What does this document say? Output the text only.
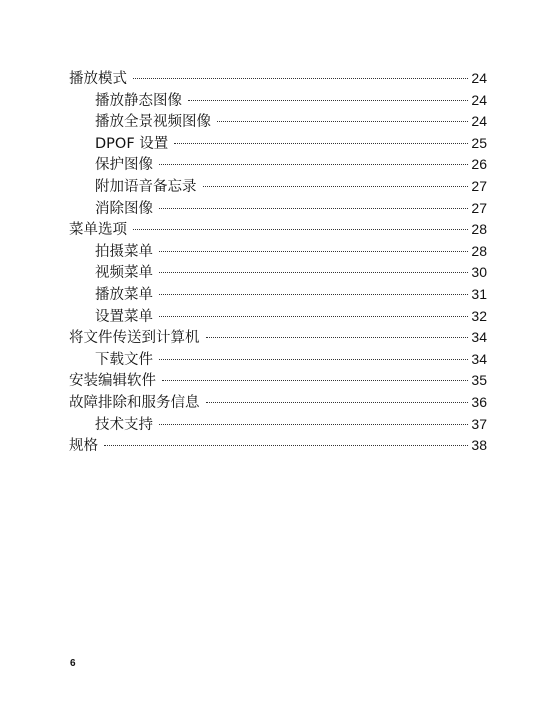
播放模式	24
播放静态图像	24
播放全景视频图像	24
DPOF 设置	25
保护图像	26
附加语音备忘录	27
消除图像	27
菜单选项	28
拍摄菜单	28
视频菜单	30
播放菜单	31
设置菜单	32
将文件传送到计算机	34
下载文件	34
安装编辑软件	35
故障排除和服务信息	36
技术支持	37
规格	38
6
